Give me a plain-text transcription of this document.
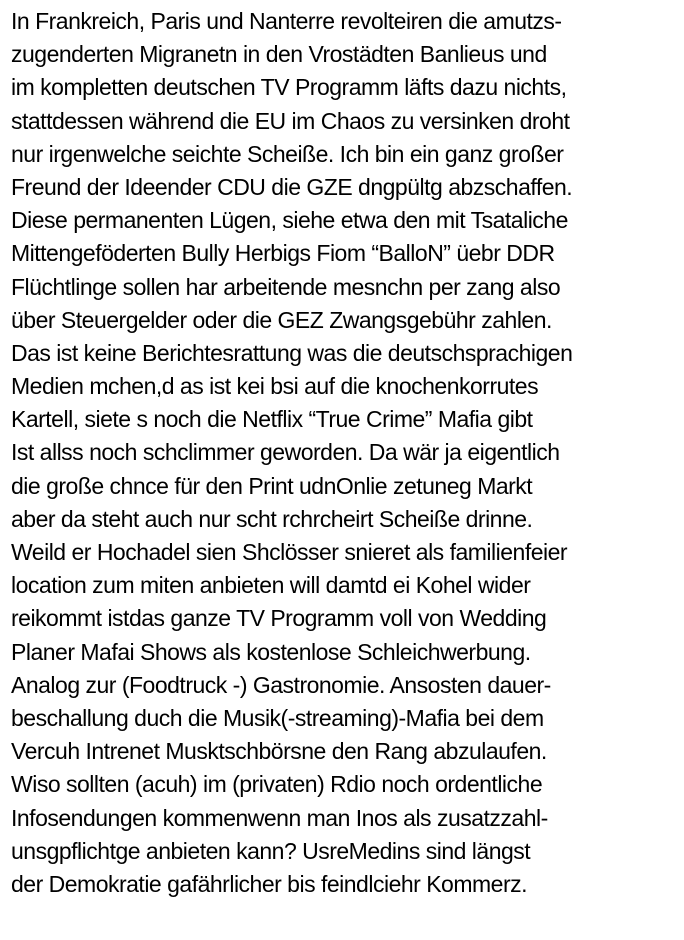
In Frankreich, Paris und Nanterre revolteiren die amutzs-
zugenderten Migranetn in den Vrostädten Banlieus und
im kompletten deutschen TV Programm läfts dazu nichts,
stattdessen während die EU im Chaos zu versinken droht
nur irgenwelche seichte Scheiße. Ich bin ein ganz großer
Freund der Ideender CDU die GZE dngpültg abzschaffen.
Diese permanenten Lügen, siehe etwa den mit Tsataliche
Mittengeföderten Bully Herbigs Fiom “BalloN” üebr DDR
Flüchtlinge sollen har arbeitende mesnchn per zang also
über Steuergelder oder die GEZ Zwangsgebühr zahlen.
Das ist keine Berichtesrattung was die deutschsprachigen
Medien mchen,d as ist kei bsi auf die knochenkorrutes
Kartell, siete s noch die Netflix “True Crime” Mafia gibt
Ist allss noch schclimmer geworden. Da wär ja eigentlich
die große chnce für den Print udnOnlie zetuneg Markt
aber da steht auch nur scht rchrcheirt Scheiße drinne.
Weild er Hochadel sien Shclösser snieret als familienfeier
location zum miten anbieten will damtd ei Kohel wider
reikommt istdas ganze TV Programm voll von Wedding
Planer Mafai Shows als kostenlose Schleichwerbung.
Analog zur (Foodtruck -) Gastronomie. Ansosten dauer-
beschallung duch die Musik(-streaming)-Mafia bei dem
Vercuh Intrenet Musktschbörsne den Rang abzulaufen.
Wiso sollten (acuh) im (privaten) Rdio noch ordentliche
Infosendungen kommenwenn man Inos als zusatzzahl-
unsgpflichtge anbieten kann? UsreMedins sind längst
der Demokratie gafährlicher bis feindlciehr Kommerz.
